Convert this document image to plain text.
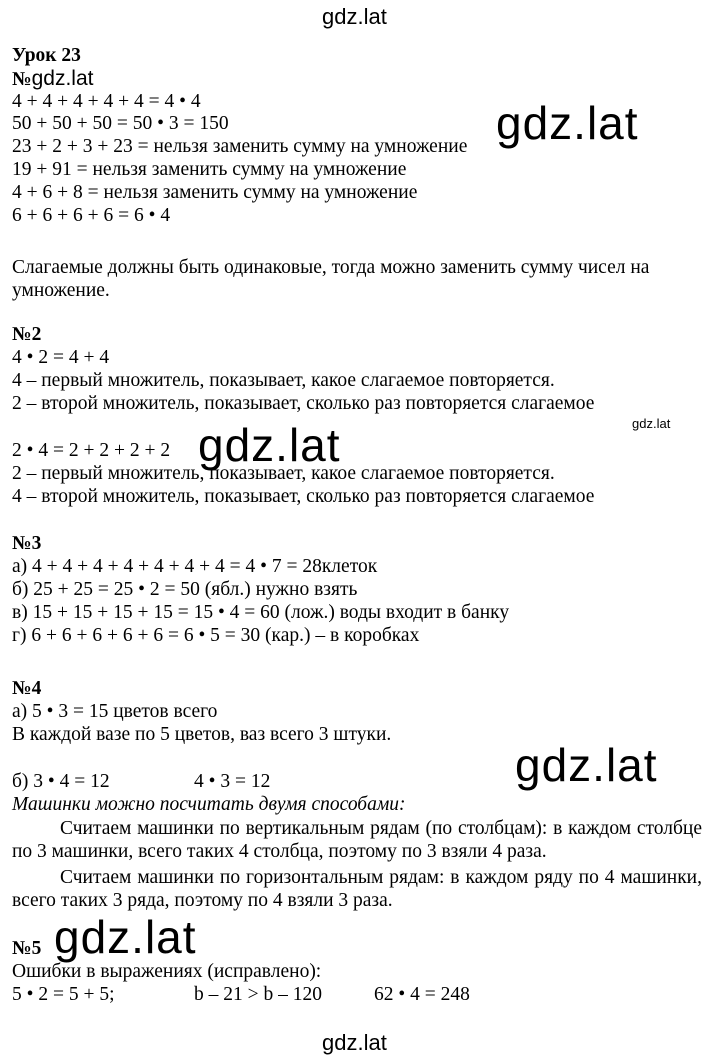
gdz.lat
Урок 23
№gdz.lat
4 + 4 + 4 + 4 + 4 = 4 • 4
50 + 50 + 50 = 50 • 3 = 150
23 + 2 + 3 + 23 = нельзя заменить сумму на умножение
19 + 91 = нельзя заменить сумму на умножение
4 + 6 + 8 = нельзя заменить сумму на умножение
6 + 6 + 6 + 6 = 6 • 4
gdz.lat
Слагаемые должны быть одинаковые, тогда можно заменить сумму чисел на
умножение.
№2
4 • 2 = 4 + 4
4 – первый множитель, показывает, какое слагаемое повторяется.
2 – второй множитель, показывает, сколько раз повторяется слагаемое
gdz.lat
2 • 4 = 2 + 2 + 2 + 2 gdz.lat
2 – первый множитель, показывает, какое слагаемое повторяется.
4 – второй множитель, показывает, сколько раз повторяется слагаемое
№3
а) 4 + 4 + 4 + 4 + 4 + 4 + 4 = 4 • 7 = 28клеток
б) 25 + 25 = 25 • 2 = 50 (ябл.) нужно взять
в) 15 + 15 + 15 + 15 = 15 • 4 = 60 (лож.) воды входит в банку
г) 6 + 6 + 6 + 6 + 6 = 6 • 5 = 30 (кар.) – в коробках
№4
а) 5 • 3 = 15 цветов всего
В каждой вазе по 5 цветов, ваз всего 3 штуки.
gdz.lat
б) 3 • 4 = 12	4 • 3 = 12
Машинки можно посчитать двумя способами:
Считаем машинки по вертикальным рядам (по столбцам): в каждом столбце по 3 машинки, всего таких 4 столбца, поэтому по 3 взяли 4 раза.
Считаем машинки по горизонтальным рядам: в каждом ряду по 4 машинки, всего таких 3 ряда, поэтому по 4 взяли 3 раза.
gdz.lat
№5
Ошибки в выражениях (исправлено):
5 • 2 = 5 + 5;	b – 21 > b – 120	62 • 4 = 248
gdz.lat
